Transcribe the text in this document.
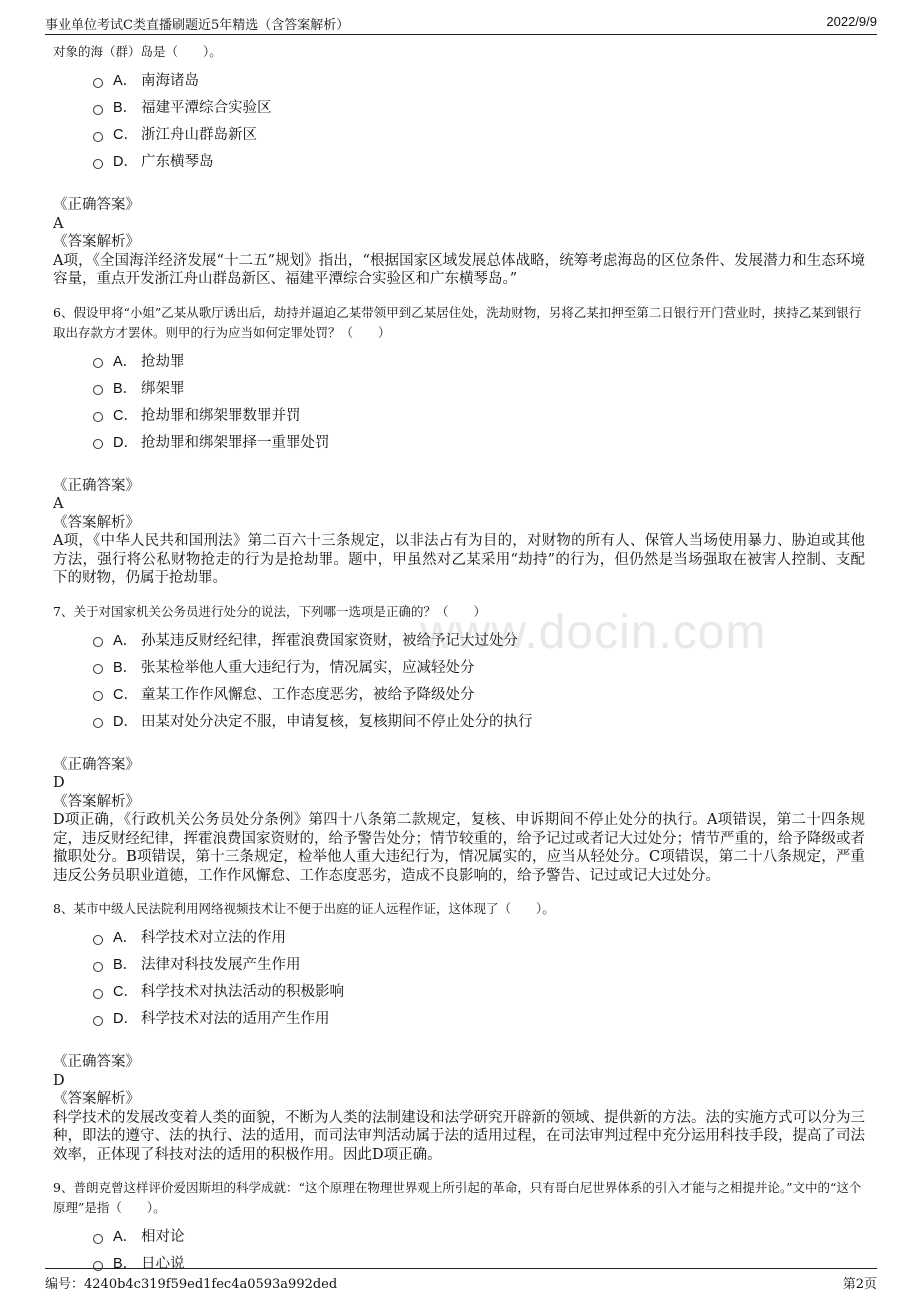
事业单位考试C类直播刷题近5年精选（含答案解析）	2022/9/9
www.docin.com

对象的海（群）岛是（　　）。

A． 南海诸岛
B． 福建平潭综合实验区
C． 浙江舟山群岛新区
D． 广东横琴岛
《正确答案》
A
《答案解析》
A项，《全国海洋经济发展“十二五”规划》指出，“根据国家区域发展总体战略，统筹考虑海岛的区位条件、发展潜力和生态环境容量，重点开发浙江舟山群岛新区、福建平潭综合实验区和广东横琴岛。”

6、假设甲将“小姐”乙某从歌厅诱出后，劫持并逼迫乙某带领甲到乙某居住处，洗劫财物，另将乙某扣押至第二日银行开门营业时，挟持乙某到银行取出存款方才罢休。则甲的行为应当如何定罪处罚？（　　）

A． 抢劫罪
B． 绑架罪
C． 抢劫罪和绑架罪数罪并罚
D． 抢劫罪和绑架罪择一重罪处罚
《正确答案》
A
《答案解析》
A项，《中华人民共和国刑法》第二百六十三条规定，以非法占有为目的，对财物的所有人、保管人当场使用暴力、胁迫或其他方法，强行将公私财物抢走的行为是抢劫罪。题中，甲虽然对乙某采用“劫持”的行为，但仍然是当场强取在被害人控制、支配下的财物，仍属于抢劫罪。

7、关于对国家机关公务员进行处分的说法，下列哪一选项是正确的？（　　）

A． 孙某违反财经纪律，挥霍浪费国家资财，被给予记大过处分
B． 张某检举他人重大违纪行为，情况属实，应减轻处分
C． 童某工作作风懈怠、工作态度恶劣，被给予降级处分
D． 田某对处分决定不服，申请复核，复核期间不停止处分的执行
《正确答案》
D
《答案解析》
D项正确，《行政机关公务员处分条例》第四十八条第二款规定，复核、申诉期间不停止处分的执行。A项错误，第二十四条规定，违反财经纪律，挥霍浪费国家资财的，给予警告处分；情节较重的，给予记过或者记大过处分；情节严重的，给予降级或者撤职处分。B项错误，第十三条规定，检举他人重大违纪行为，情况属实的，应当从轻处分。C项错误，第二十八条规定，严重违反公务员职业道德，工作作风懈怠、工作态度恶劣，造成不良影响的，给予警告、记过或记大过处分。

8、某市中级人民法院利用网络视频技术让不便于出庭的证人远程作证，这体现了（　　）。

A． 科学技术对立法的作用
B． 法律对科技发展产生作用
C． 科学技术对执法活动的积极影响
D． 科学技术对法的适用产生作用
《正确答案》
D
《答案解析》
科学技术的发展改变着人类的面貌，不断为人类的法制建设和法学研究开辟新的领域、提供新的方法。法的实施方式可以分为三种，即法的遵守、法的执行、法的适用，而司法审判活动属于法的适用过程，在司法审判过程中充分运用科技手段，提高了司法效率，正体现了科技对法的适用的积极作用。因此D项正确。

9、普朗克曾这样评价爱因斯坦的科学成就：“这个原理在物理世界观上所引起的革命，只有哥白尼世界体系的引入才能与之相提并论。”文中的“这个原理”是指（　　）。

A． 相对论
B． 日心说
编号：4240b4c319f59ed1fec4a0593a992ded	第2页
